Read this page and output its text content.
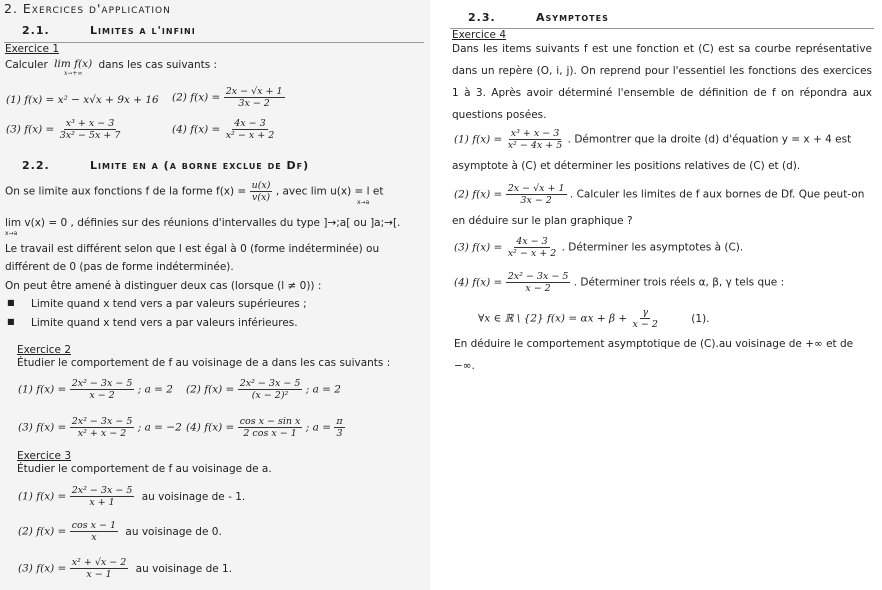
2. Exercices d'application
2.1.	Limites a l'infini
Exercice 1
Calculer lim f(x)
x→+∞
dans les cas suivants :
(1) f(x) = x² − x√x + 9x + 16 (2) $f(x) = \frac{2x - √x + 1}{3x - 2}$
(3) $f(x) = \frac{\text{x³ + x − 3}}{\text{3x² − 5x + 7}}$	(4) $f(x) = \frac{4x - 3}{\text{x² − x + 2}}$
2.2.	Limite en a (a borne exclue de Df)
On se limite aux fonctions f de la forme $f(x) = \frac{u(x)}{v(x)}$ , avec lim u(x) = l et
x→a
lim v(x) = 0 , définies sur des réunions d'intervalles du type ]→;a[ ou ]a;→[.
x→a
Le travail est différent selon que l est égal à 0 (forme indéterminée) ou
différent de 0 (pas de forme indéterminée).
On peut être amené à distinguer deux cas (lorsque (l ≠ 0)) :
■ Limite quand x tend vers a par valeurs supérieures ;
■ Limite quand x tend vers a par valeurs inférieures.
Exercice 2
Étudier le comportement de f au voisinage de a dans les cas suivants :
(1) $f(x) = \frac{\text{2x² − 3x − 5}}{x - 2}$ ; a = 2 (2) $f(x) = \frac{\text{2x² − 3x − 5}}{\text{(x − 2)²}}$ ; a = 2
(3) $f(x) = \frac{\text{2x² − 3x − 5}}{\text{x² + x − 2}}$ ; a = −2 (4) $f(x) = \frac{\text{cos x − sin x}}{\text{2 cos x − 1}}$ ; $a = \frac{\pi}{3}$
Exercice 3
Étudier le comportement de f au voisinage de a.
(1) $f(x) = \frac{\text{2x² − 3x − 5}}{x + 1}$ au voisinage de - 1.
(2) $f(x) = \frac{\text{cos x − 1}}{x}$ au voisinage de 0.
(3) $f(x) = \frac{\text{x² + √x − 2}}{x - 1}$ au voisinage de 1.
2.3.	Asymptotes
Exercice 4
Dans les items suivants f est une fonction et (C) est sa courbe représentative dans un repère (O, i, j). On reprend pour l'essentiel les fonctions des exercices 1 à 3. Après avoir déterminé l'ensemble de définition de f on répondra aux questions posées.
(1) $f(x) = \frac{\text{x³ + x − 3}}{\text{x² − 4x + 5}}$ . Démontrer que la droite (d) d'équation y = x + 4 est
asymptote à (C) et déterminer les positions relatives de (C) et (d).
(2) $f(x) = \frac{2x - √x + 1}{3x - 2}$ . Calculer les limites de f aux bornes de Df. Que peut-on
en déduire sur le plan graphique ?
(3) $f(x) = \frac{4x - 3}{\text{x² − x + 2}}$ . Déterminer les asymptotes à (C).
(4) $f(x) = \frac{\text{2x² − 3x − 5}}{x - 2}$ . Déterminer trois réels α, β, γ tels que :
∀x ∈ ℝ \ {2} $f(x) = \alpha x + \beta + \frac{\gamma}{x - 2}$	(1).
En déduire le comportement asymptotique de (C).au voisinage de +∞ et de
−∞.
